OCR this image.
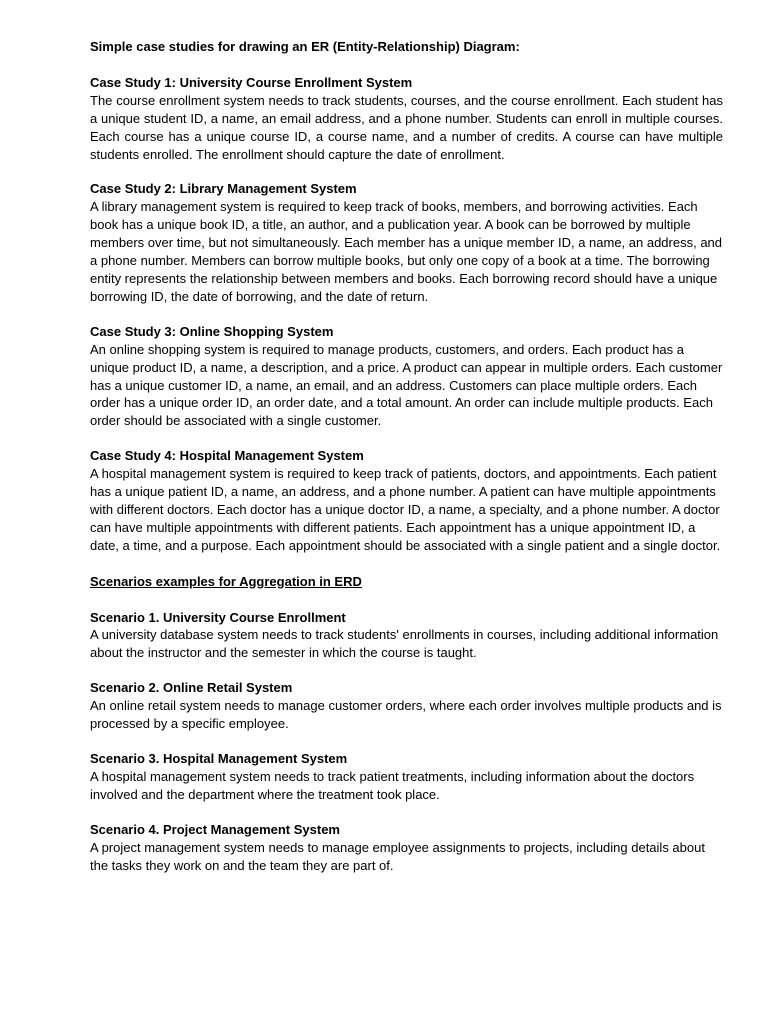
Simple case studies for drawing an ER (Entity-Relationship) Diagram:

Case Study 1: University Course Enrollment System

The course enrollment system needs to track students, courses, and the course enrollment. Each student has a unique student ID, a name, an email address, and a phone number. Students can enroll in multiple courses. Each course has a unique course ID, a course name, and a number of credits. A course can have multiple students enrolled. The enrollment should capture the date of enrollment.

Case Study 2: Library Management System

A library management system is required to keep track of books, members, and borrowing activities. Each book has a unique book ID, a title, an author, and a publication year. A book can be borrowed by multiple members over time, but not simultaneously. Each member has a unique member ID, a name, an address, and a phone number. Members can borrow multiple books, but only one copy of a book at a time. The borrowing entity represents the relationship between members and books. Each borrowing record should have a unique borrowing ID, the date of borrowing, and the date of return.

Case Study 3: Online Shopping System

An online shopping system is required to manage products, customers, and orders. Each product has a unique product ID, a name, a description, and a price. A product can appear in multiple orders. Each customer has a unique customer ID, a name, an email, and an address. Customers can place multiple orders. Each order has a unique order ID, an order date, and a total amount. An order can include multiple products. Each order should be associated with a single customer.

Case Study 4: Hospital Management System

A hospital management system is required to keep track of patients, doctors, and appointments. Each patient has a unique patient ID, a name, an address, and a phone number. A patient can have multiple appointments with different doctors. Each doctor has a unique doctor ID, a name, a specialty, and a phone number. A doctor can have multiple appointments with different patients. Each appointment has a unique appointment ID, a date, a time, and a purpose. Each appointment should be associated with a single patient and a single doctor.

Scenarios examples for Aggregation in ERD

Scenario 1. University Course Enrollment

A university database system needs to track students' enrollments in courses, including additional information about the instructor and the semester in which the course is taught.

Scenario 2. Online Retail System

An online retail system needs to manage customer orders, where each order involves multiple products and is processed by a specific employee.

Scenario 3. Hospital Management System

A hospital management system needs to track patient treatments, including information about the doctors involved and the department where the treatment took place.

Scenario 4. Project Management System

A project management system needs to manage employee assignments to projects, including details about the tasks they work on and the team they are part of.
